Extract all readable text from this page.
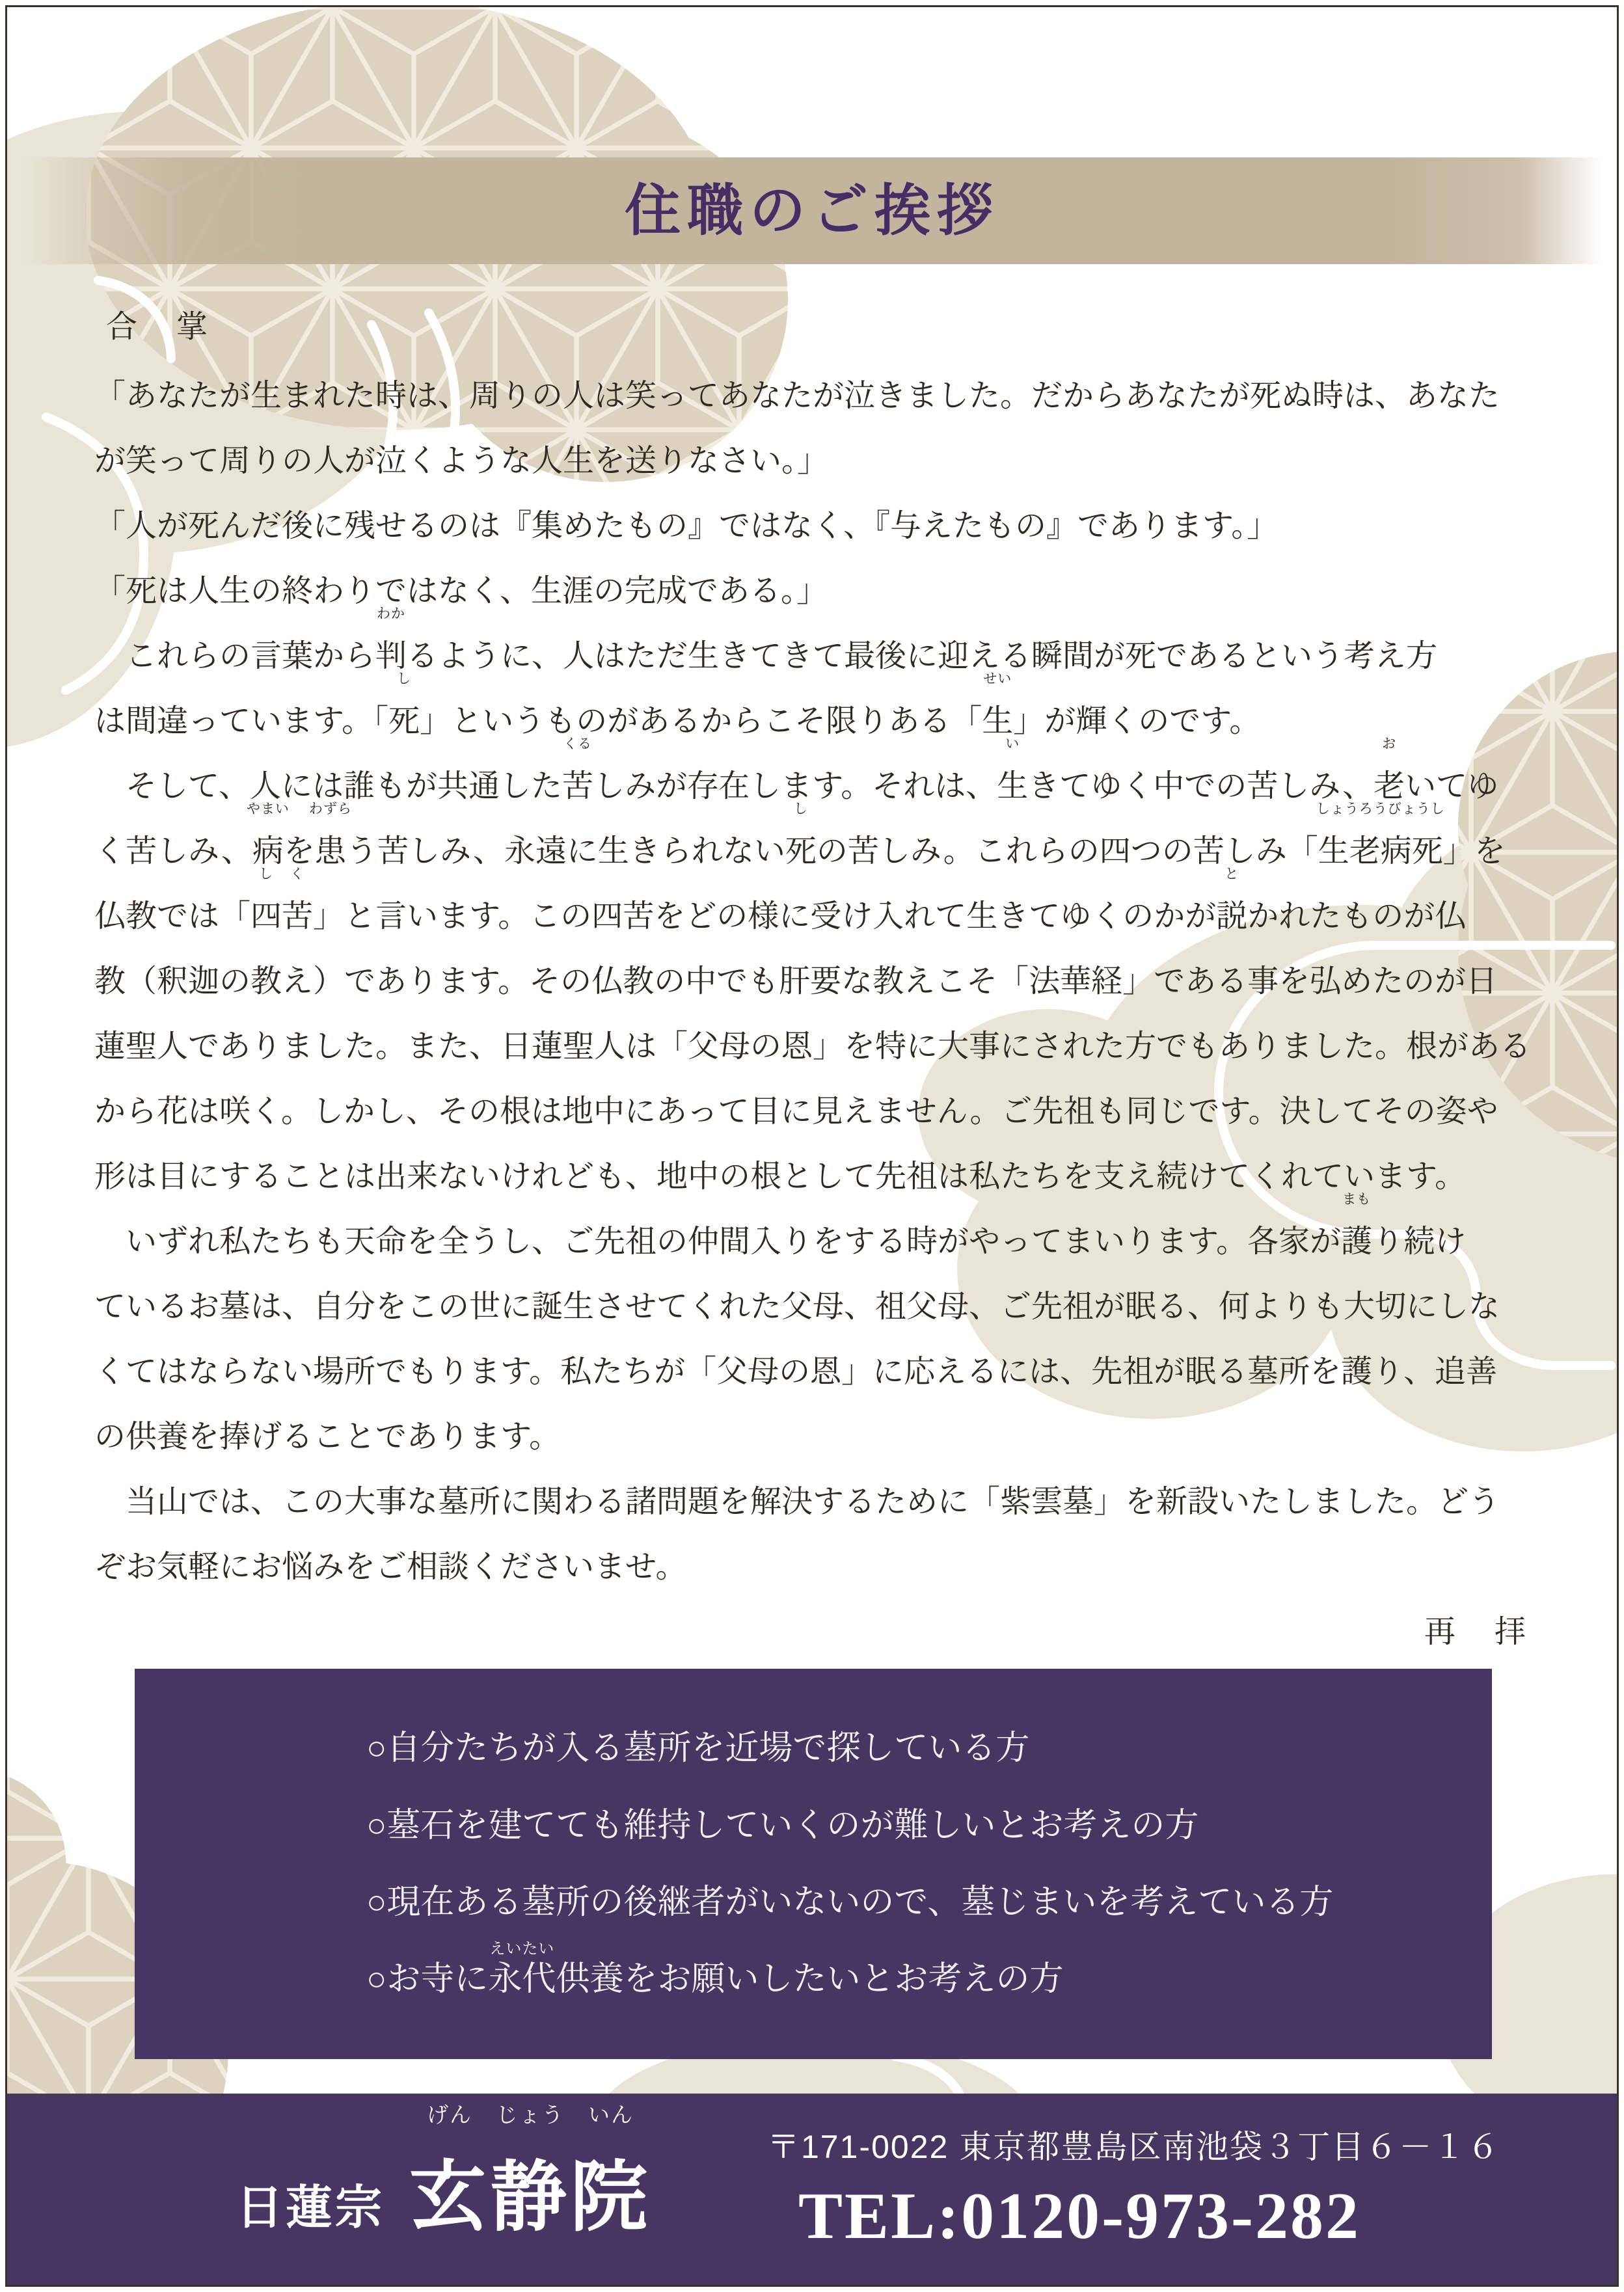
住職のご挨拶
合　掌
「あなたが生まれた時は、周りの人は笑ってあなたが泣きました。だからあなたが死ぬ時は、あなた
が笑って周りの人が泣くような人生を送りなさい。」
「人が死んだ後に残せるのは『集めたもの』ではなく、『与えたもの』であります。」
「死は人生の終わりではなく、生涯の完成である。」
　これらの言葉から判
わか
るように、人はただ生きてきて最後に迎える瞬間が死であるという考え方
は間違っています。「死
し
」というものがあるからこそ限りある「生
せい
」が輝くのです。
　そして、人には誰もが共通した苦
くる
しみが存在します。それは、生
い
きてゆく中での苦しみ、老
お
いてゆ
く苦しみ、病
やまい
を患
わずら
う苦しみ、永遠に生きられない死
し
の苦しみ。これらの四つの苦しみ「生老病死
しょうろうびょうし
」を
仏教では「四
し
苦
く
」と言います。この四苦をどの様に受け入れて生きてゆくのかが説
と
かれたものが仏
教（釈迦の教え）であります。その仏教の中でも肝要な教えこそ「法華経」である事を弘めたのが日
蓮聖人でありました。また、日蓮聖人は「父母の恩」を特に大事にされた方でもありました。根がある
から花は咲く。しかし、その根は地中にあって目に見えません。ご先祖も同じです。決してその姿や
形は目にすることは出来ないけれども、地中の根として先祖は私たちを支え続けてくれています。
　いずれ私たちも天命を全うし、ご先祖の仲間入りをする時がやってまいります。各家が護
まも
り続け
ているお墓は、自分をこの世に誕生させてくれた父母、祖父母、ご先祖が眠る、何よりも大切にしな
くてはならない場所でもります。私たちが「父母の恩」に応えるには、先祖が眠る墓所を護り、追善
の供養を捧げることであります。
　当山では、この大事な墓所に関わる諸問題を解決するために「紫雲墓」を新設いたしました。どう
ぞお気軽にお悩みをご相談くださいませ。
再　拝
○自分たちが入る墓所を近場で探している方
○墓石を建てても維持していくのが難しいとお考えの方
○現在ある墓所の後継者がいないので、墓じまいを考えている方
○お寺に永代
えいたい
供養をお願いしたいとお考えの方
日蓮宗 玄
げん
静
じょう
院
いん
〒171-0022 東京都豊島区南池袋３丁目６－１６
TEL:0120-973-282
